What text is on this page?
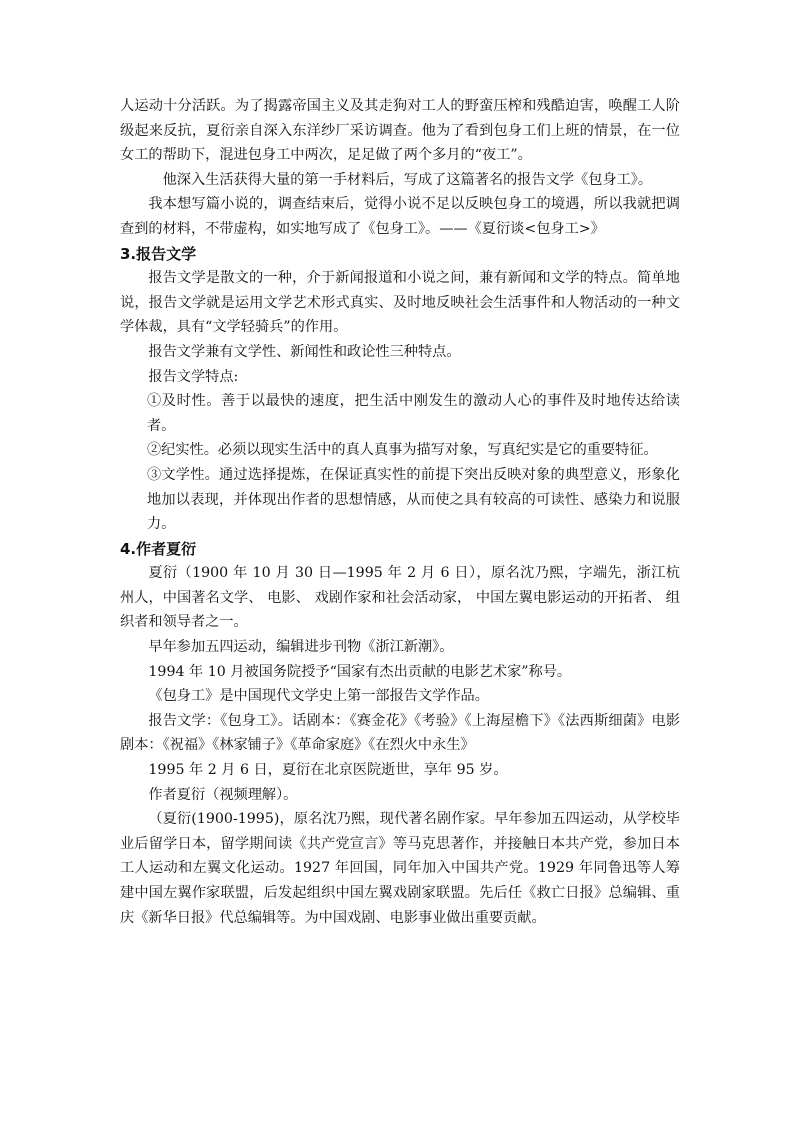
人运动十分活跃。为了揭露帝国主义及其走狗对工人的野蛮压榨和残酷迫害，唤醒工人阶级起来反抗，夏衍亲自深入东洋纱厂采访调查。他为了看到包身工们上班的情景，在一位女工的帮助下，混进包身工中两次，足足做了两个多月的“夜工”。

他深入生活获得大量的第一手材料后，写成了这篇著名的报告文学《包身工》。

我本想写篇小说的，调查结束后，觉得小说不足以反映包身工的境遇，所以我就把调查到的材料，不带虚构，如实地写成了《包身工》。——《夏衍谈<包身工>》

3.报告文学

报告文学是散文的一种，介于新闻报道和小说之间，兼有新闻和文学的特点。简单地说，报告文学就是运用文学艺术形式真实、及时地反映社会生活事件和人物活动的一种文学体裁，具有“文学轻骑兵”的作用。

报告文学兼有文学性、新闻性和政论性三种特点。

报告文学特点:

①及时性。善于以最快的速度，把生活中刚发生的激动人心的事件及时地传达给读者。

②纪实性。必须以现实生活中的真人真事为描写对象，写真纪实是它的重要特征。

③文学性。通过选择提炼，在保证真实性的前提下突出反映对象的典型意义，形象化地加以表现，并体现出作者的思想情感，从而使之具有较高的可读性、感染力和说服力。

4.作者夏衍

夏衍（1900 年 10 月 30 日—1995 年 2 月 6 日），原名沈乃熙，字端先，浙江杭州人，中国著名文学、 电影、 戏剧作家和社会活动家， 中国左翼电影运动的开拓者、 组织者和领导者之一。

早年参加五四运动，编辑进步刊物《浙江新潮》。

1994 年 10 月被国务院授予“国家有杰出贡献的电影艺术家”称号。

《包身工》是中国现代文学史上第一部报告文学作品。

报告文学：《包身工》。话剧本：《赛金花》《考验》《上海屋檐下》《法西斯细菌》电影剧本：《祝福》《林家铺子》《革命家庭》《在烈火中永生》

1995 年 2 月 6 日，夏衍在北京医院逝世，享年 95 岁。

作者夏衍（视频理解）。

（夏衍(1900-1995)，原名沈乃熙，现代著名剧作家。早年参加五四运动，从学校毕业后留学日本，留学期间读《共产党宣言》等马克思著作，并接触日本共产党，参加日本工人运动和左翼文化运动。1927 年回国，同年加入中国共产党。1929 年同鲁迅等人筹建中国左翼作家联盟，后发起组织中国左翼戏剧家联盟。先后任《救亡日报》总编辑、重庆《新华日报》代总编辑等。为中国戏剧、电影事业做出重要贡献。
